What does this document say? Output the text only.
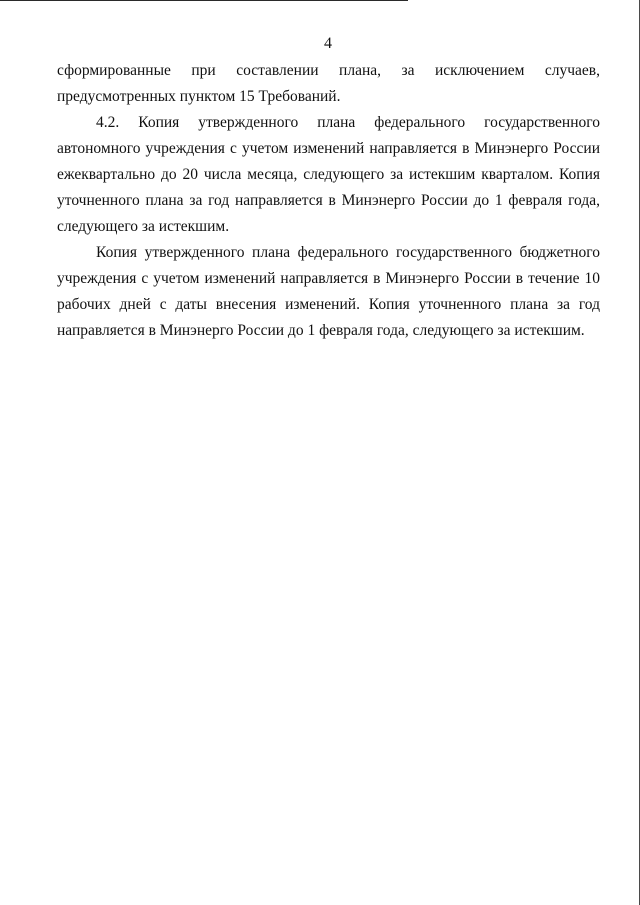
4

сформированные при составлении плана, за исключением случаев, предусмотренных пунктом 15 Требований.

4.2. Копия утвержденного плана федерального государственного автономного учреждения с учетом изменений направляется в Минэнерго России ежеквартально до 20 числа месяца, следующего за истекшим кварталом. Копия уточненного плана за год направляется в Минэнерго России до 1 февраля года, следующего за истекшим.

Копия утвержденного плана федерального государственного бюджетного учреждения с учетом изменений направляется в Минэнерго России в течение 10 рабочих дней с даты внесения изменений. Копия уточненного плана за год направляется в Минэнерго России до 1 февраля года, следующего за истекшим.
